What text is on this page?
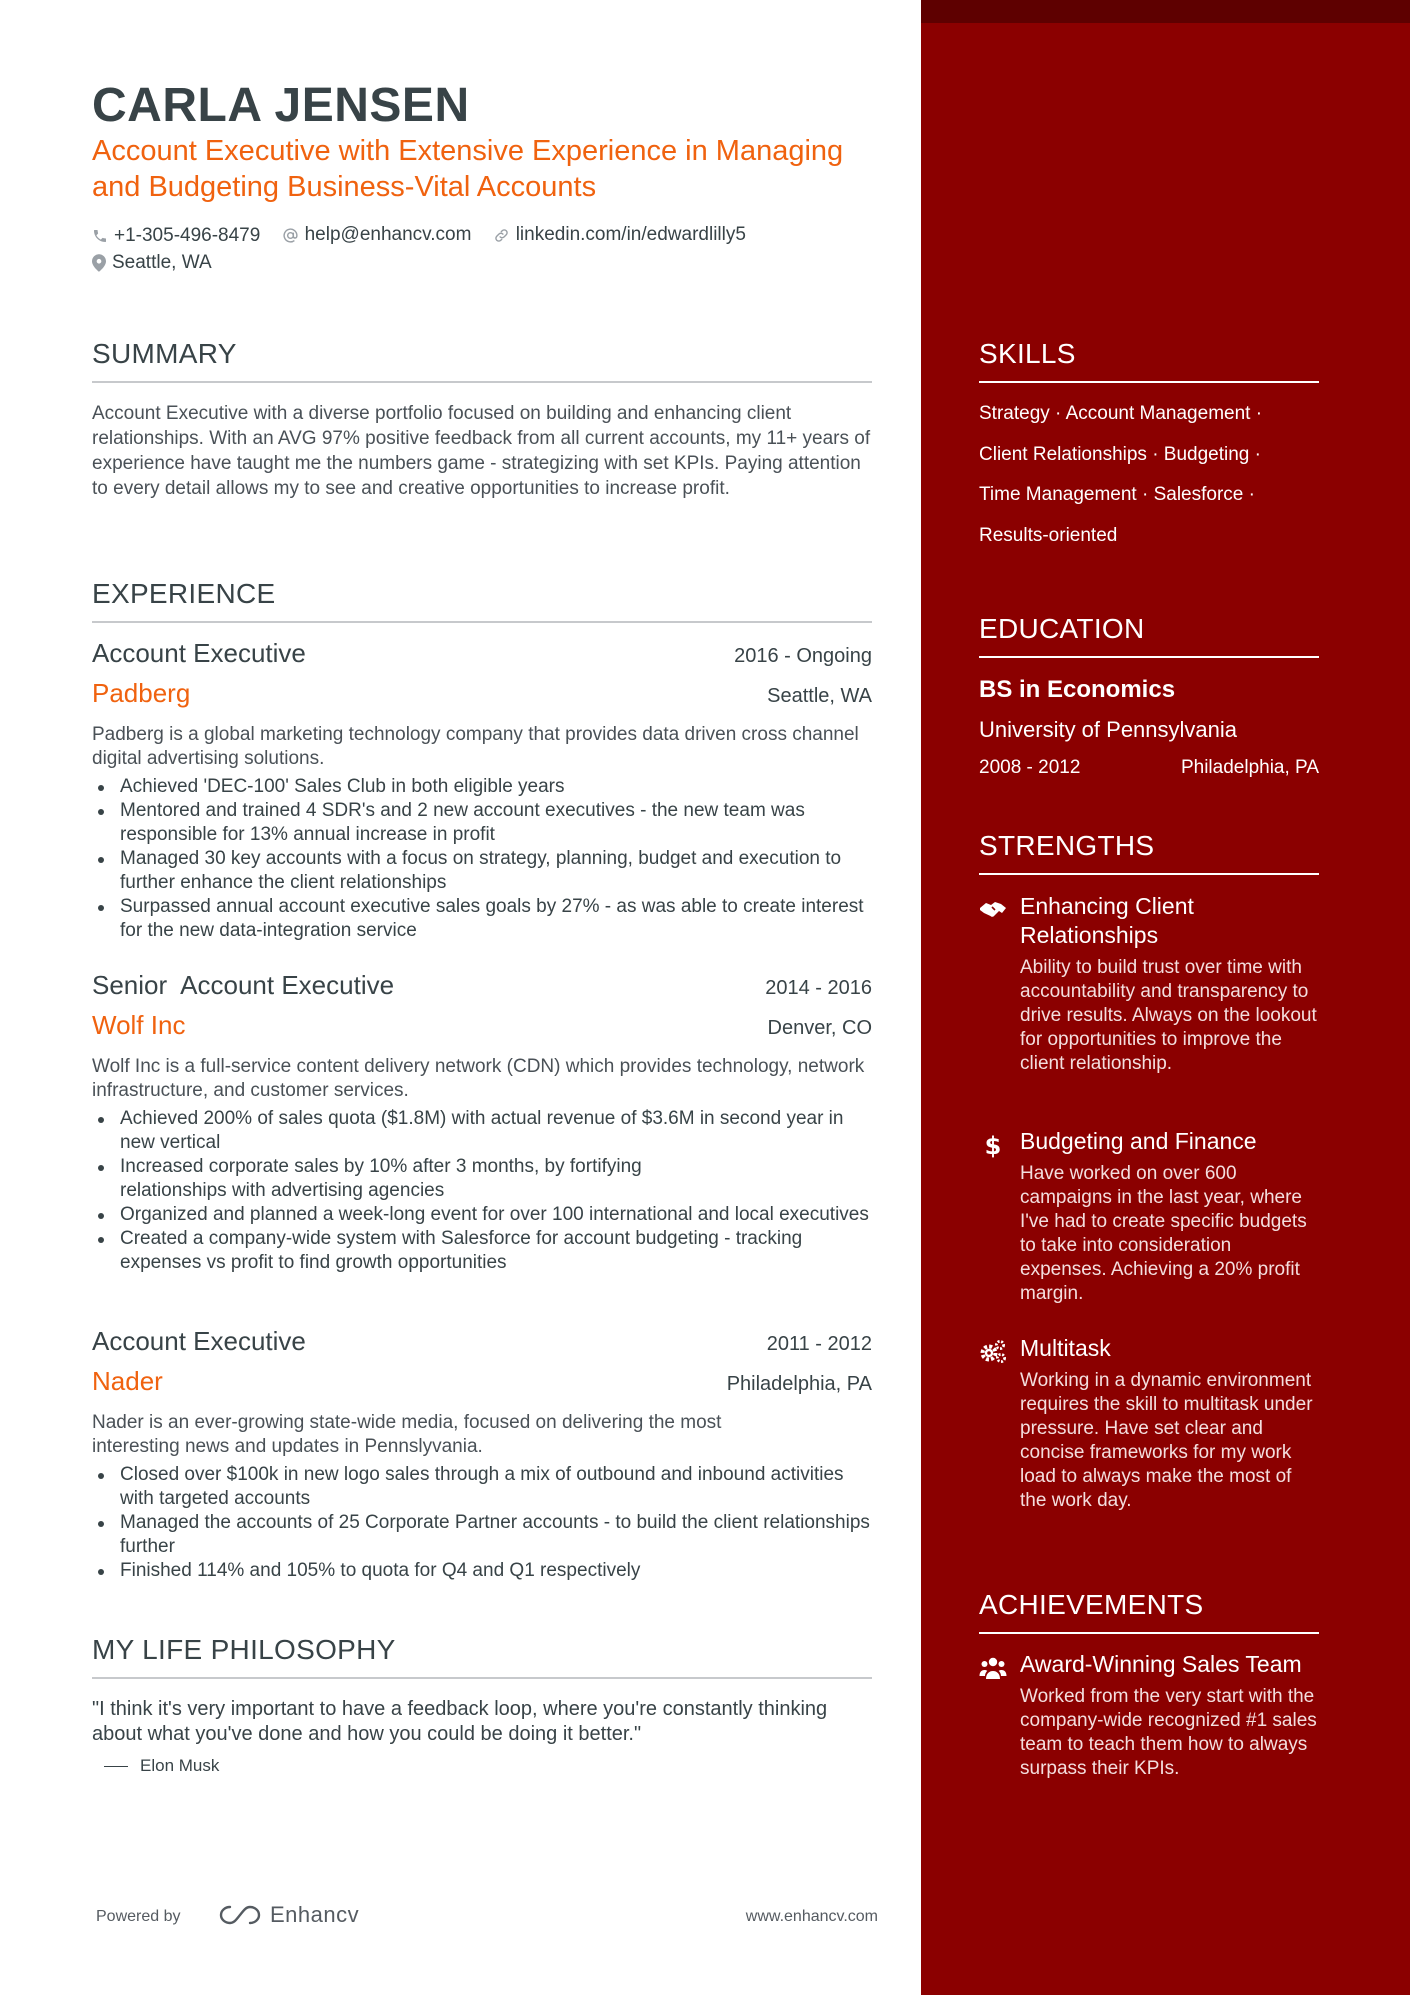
CARLA JENSEN
Account Executive with Extensive Experience in Managing and Budgeting Business-Vital Accounts
+1-305-496-8479
help@enhancv.com
linkedin.com/in/edwardlilly5
Seattle, WA
SUMMARY
Account Executive with a diverse portfolio focused on building and enhancing client relationships. With an AVG 97% positive feedback from all current accounts, my 11+ years of experience have taught me the numbers game - strategizing with set KPIs. Paying attention to every detail allows my to see and creative opportunities to increase profit.
EXPERIENCE
Account Executive	2016 - Ongoing
Padberg	Seattle, WA
Padberg is a global marketing technology company that provides data driven cross channel digital advertising solutions.
Achieved 'DEC-100' Sales Club in both eligible years
Mentored and trained 4 SDR's and 2 new account executives - the new team was responsible for 13% annual increase in profit
Managed 30 key accounts with a focus on strategy, planning, budget and execution to further enhance the client relationships
Surpassed annual account executive sales goals by 27% - as was able to create interest for the new data-integration service
Senior  Account Executive	2014 - 2016
Wolf Inc	Denver, CO
Wolf Inc is a full-service content delivery network (CDN) which provides technology, network infrastructure, and customer services.
Achieved 200% of sales quota ($1.8M) with actual revenue of $3.6M in second year in new vertical
Increased corporate sales by 10% after 3 months, by fortifying relationships with advertising agencies
Organized and planned a week-long event for over 100 international and local executives
Created a company-wide system with Salesforce for account budgeting - tracking expenses vs profit to find growth opportunities
Account Executive	2011 - 2012
Nader	Philadelphia, PA
Nader is an ever-growing state-wide media, focused on delivering the most interesting news and updates in Pennslyvania.
Closed over $100k in new logo sales through a mix of outbound and inbound activities with targeted accounts
Managed the accounts of 25 Corporate Partner accounts - to build the client relationships further
Finished 114% and 105% to quota for Q4 and Q1 respectively
MY LIFE PHILOSOPHY
"I think it's very important to have a feedback loop, where you're constantly thinking about what you've done and how you could be doing it better."
Elon Musk
Powered by	Enhancv	www.enhancv.com
SKILLS
Strategy · Account Management ·
Client Relationships · Budgeting ·
Time Management · Salesforce ·
Results-oriented
EDUCATION
BS in Economics
University of Pennsylvania
2008 - 2012	Philadelphia, PA
STRENGTHS
Enhancing Client Relationships
Ability to build trust over time with accountability and transparency to drive results. Always on the lookout for opportunities to improve the client relationship.
$ Budgeting and Finance
Have worked on over 600 campaigns in the last year, where I've had to create specific budgets to take into consideration expenses. Achieving a 20% profit margin.
Multitask
Working in a dynamic environment requires the skill to multitask under pressure. Have set clear and concise frameworks for my work load to always make the most of the work day.
ACHIEVEMENTS
Award-Winning Sales Team
Worked from the very start with the company-wide recognized #1 sales team to teach them how to always surpass their KPIs.
